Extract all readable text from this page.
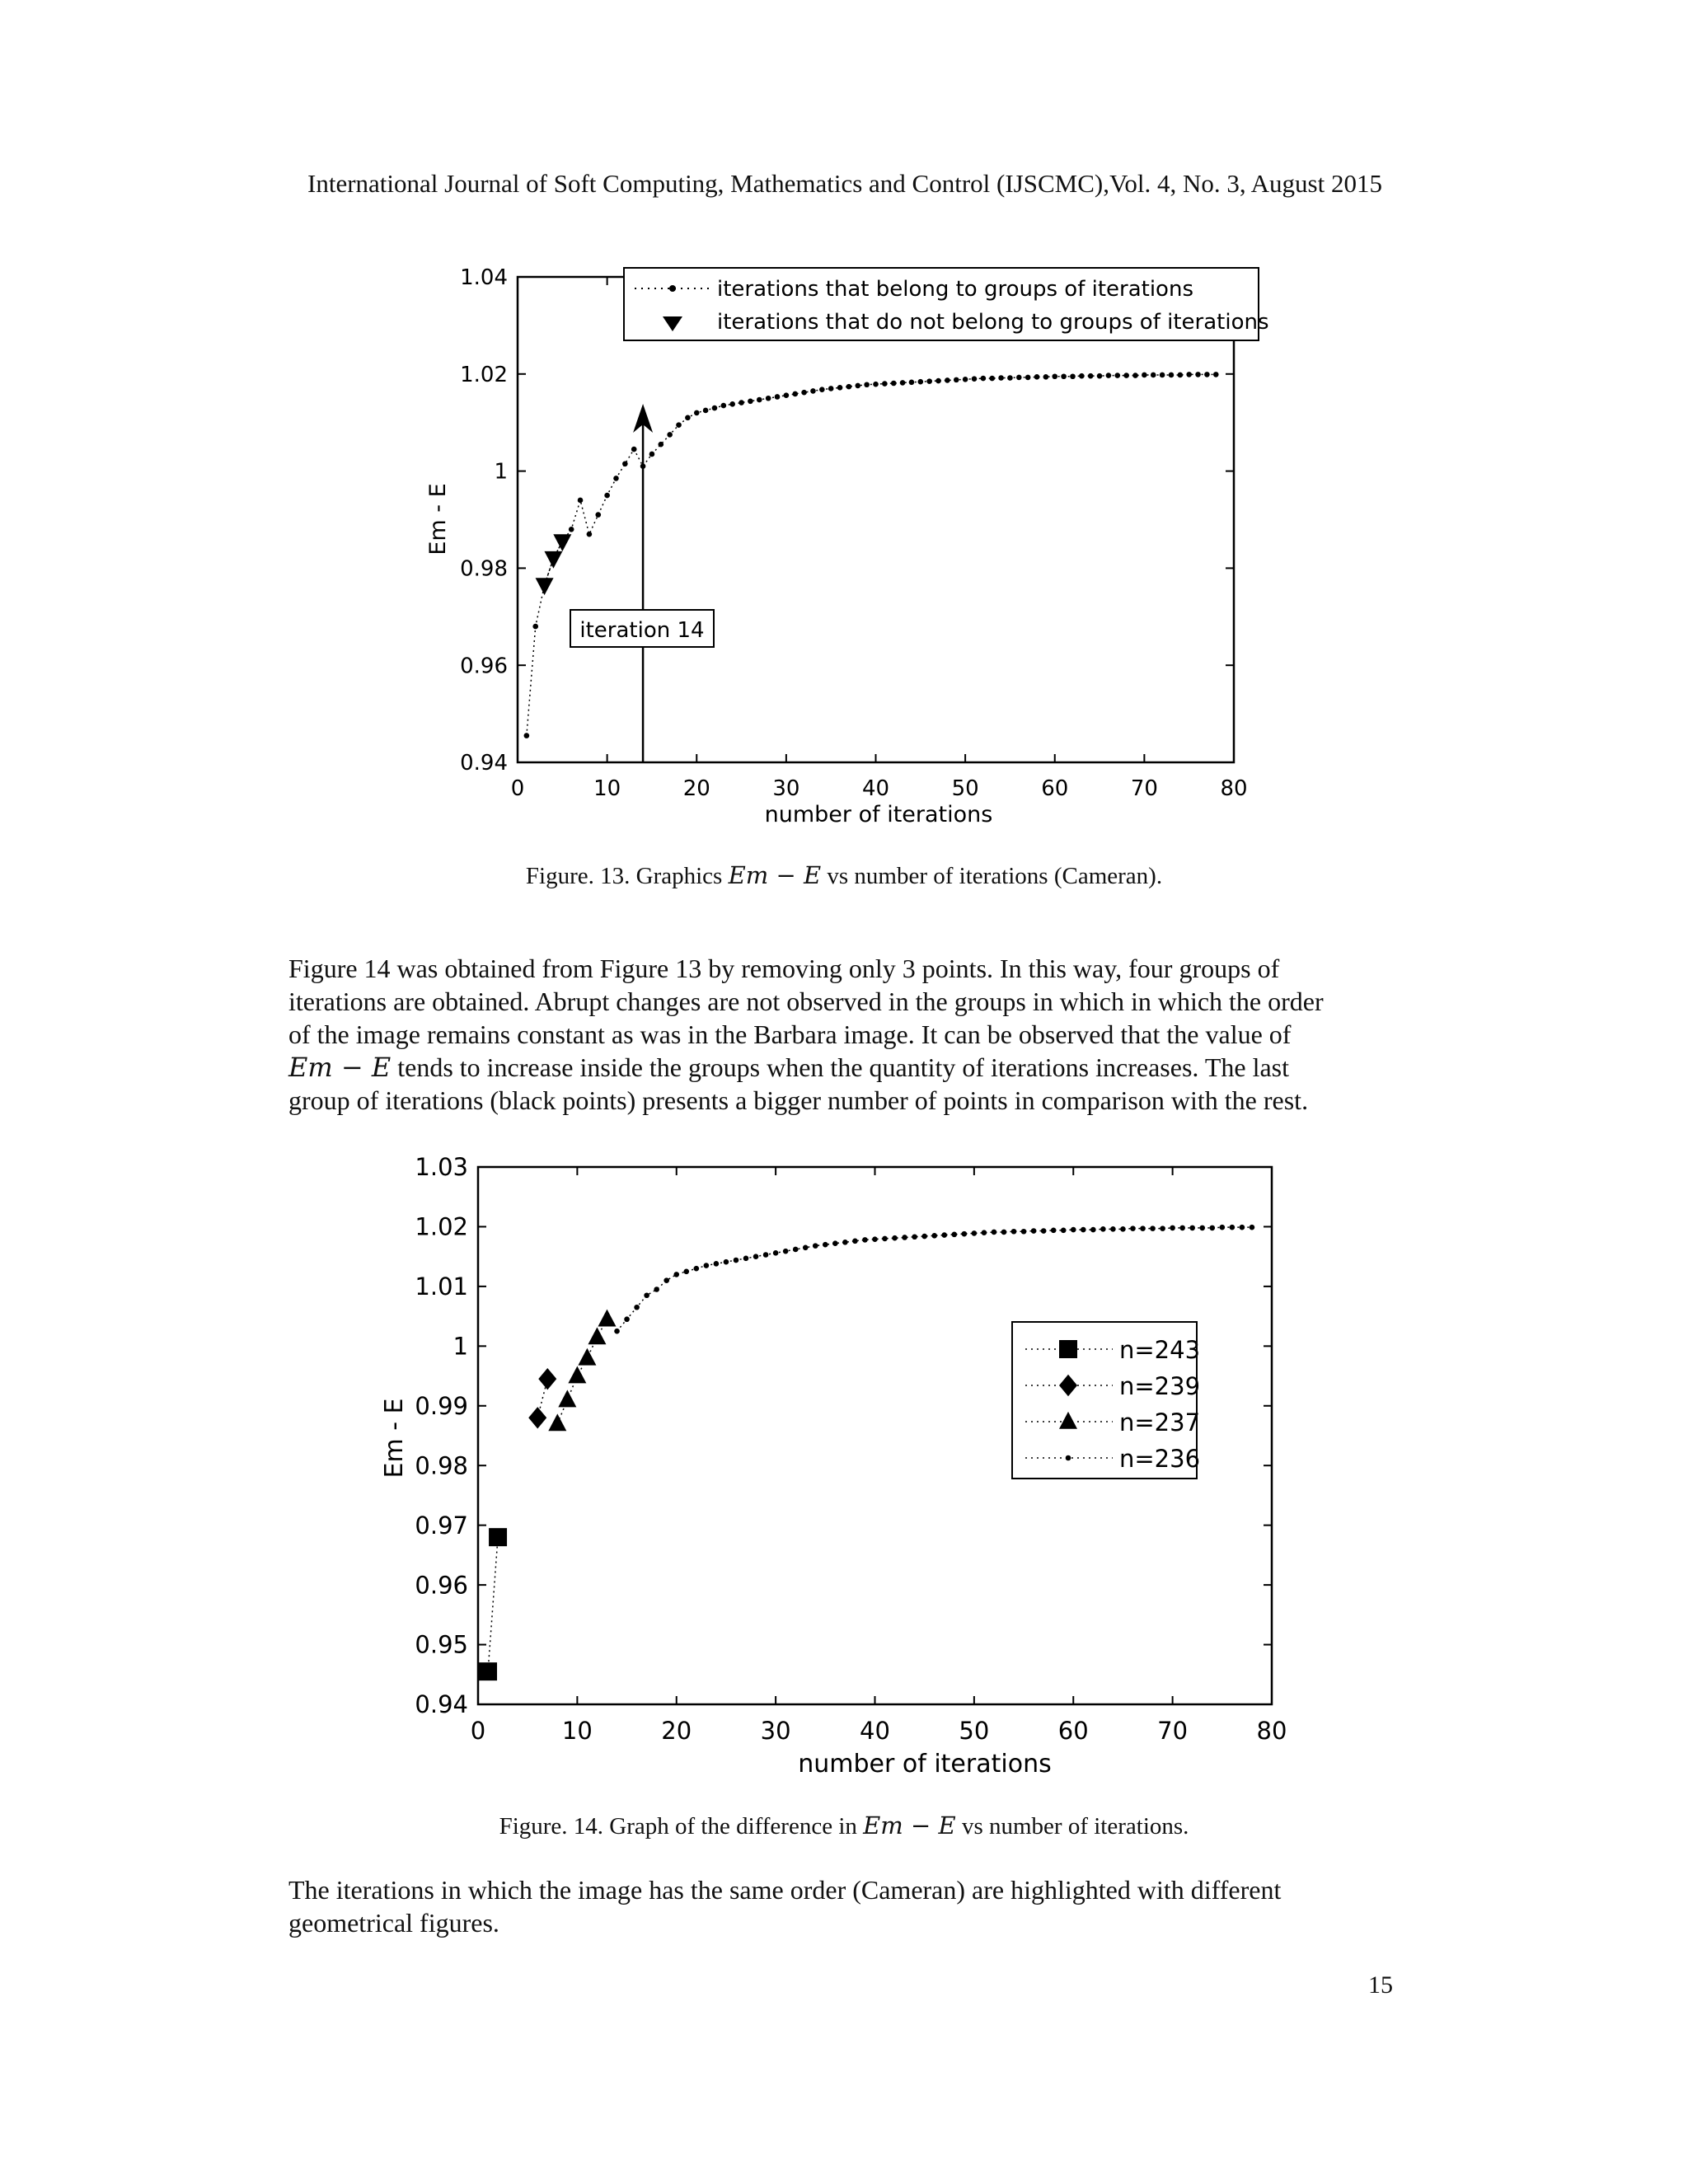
International Journal of Soft Computing, Mathematics and Control (IJSCMC),Vol. 4, No. 3, August 2015
0	10	20	30	40	50	60	70	80
0.94
0.96
0.98
1
1.02
1.04
iteration 14
iterations that belong to groups of iterations
iterations that do not belong to groups of iterations
number of iterations
Em - E
Figure. 13. Graphics Em − E vs number of iterations (Cameran).
Figure 14 was obtained from Figure 13 by removing only 3 points. In this way, four groups of
iterations are obtained. Abrupt changes are not observed in the groups in which in which the order
of the image remains constant as was in the Barbara image. It can be observed that the value of
Em − E tends to increase inside the groups when the quantity of iterations increases. The last
group of iterations (black points) presents a bigger number of points in comparison with the rest.
0	10	20	30	40	50	60	70	80
0.94
0.95
0.96
0.97
0.98
0.99
1
1.01
1.02
1.03
n=243
n=239
n=237
n=236
number of iterations
Em - E
Figure. 14. Graph of the difference in Em − E vs number of iterations.
The iterations in which the image has the same order (Cameran) are highlighted with different
geometrical figures.
15
